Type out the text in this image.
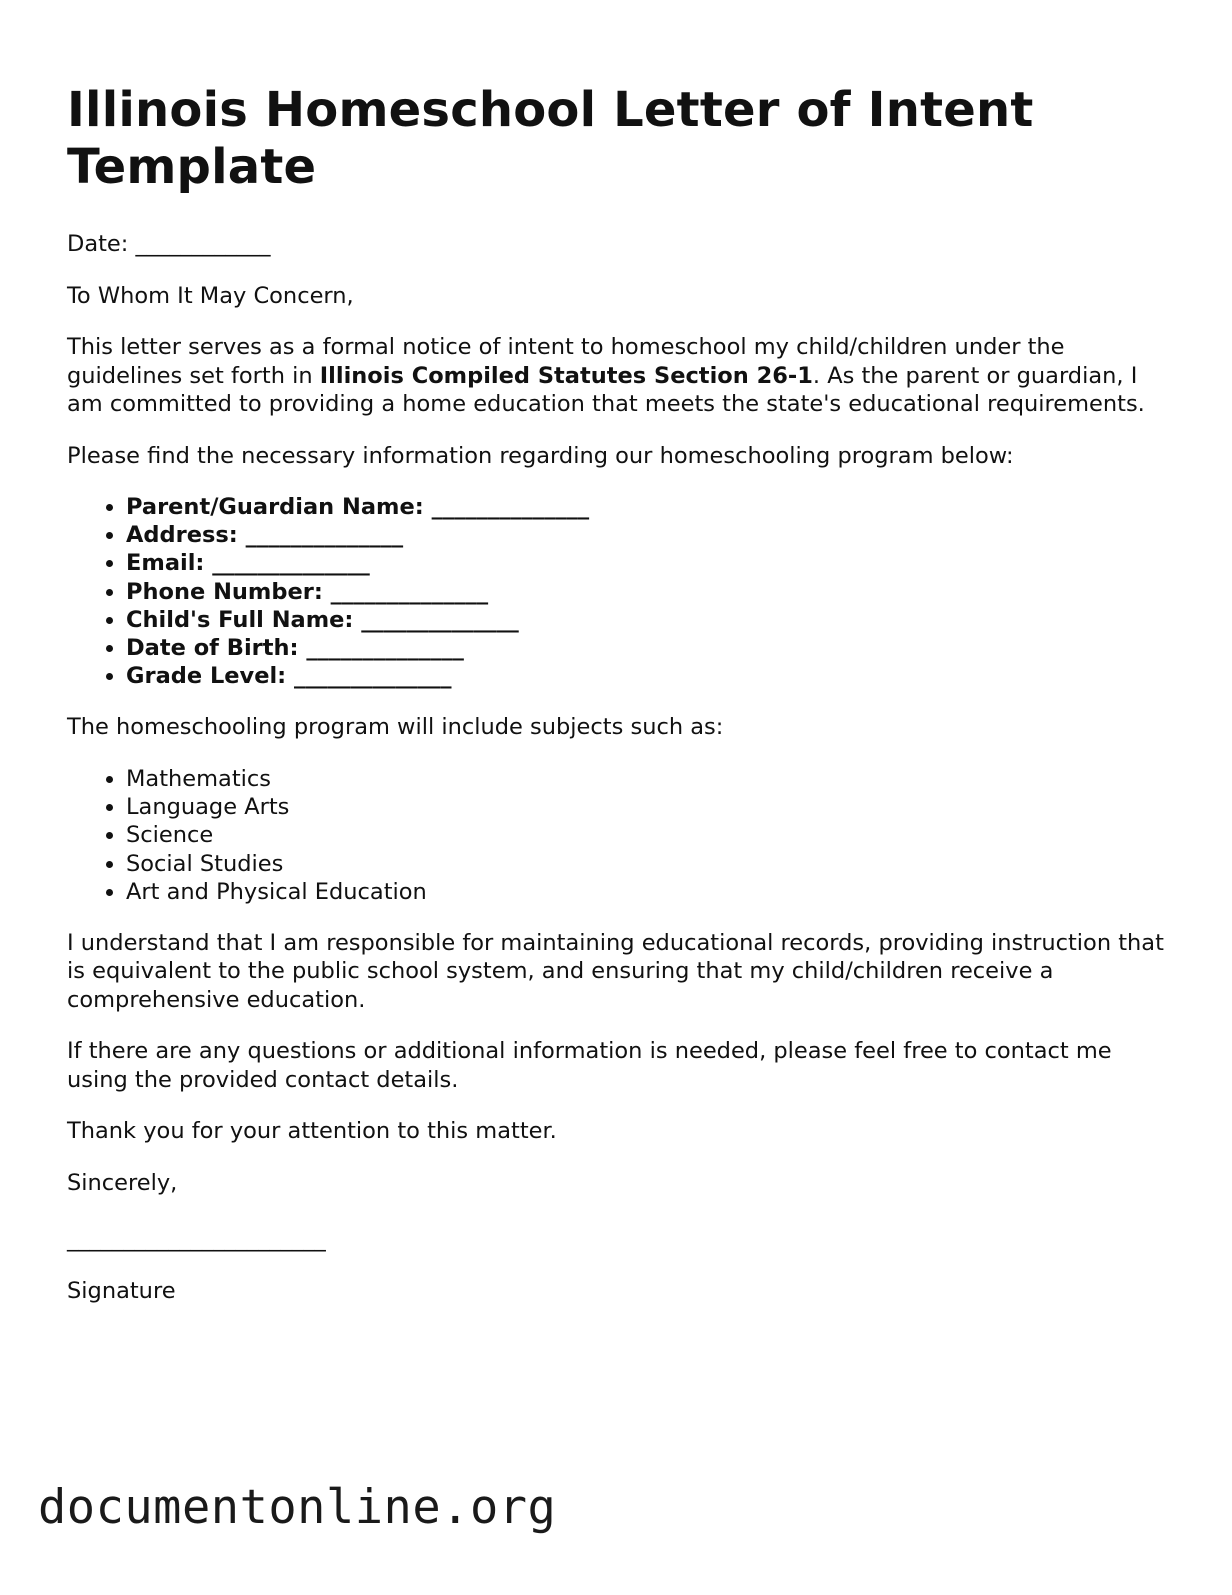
Illinois Homeschool Letter of Intent Template

Date: ____________

To Whom It May Concern,

This letter serves as a formal notice of intent to homeschool my child/children under the guidelines set forth in Illinois Compiled Statutes Section 26-1. As the parent or guardian, I am committed to providing a home education that meets the state's educational requirements.

Please find the necessary information regarding our homeschooling program below:

• Parent/Guardian Name: ______________
• Address: ______________
• Email: ______________
• Phone Number: ______________
• Child's Full Name: ______________
• Date of Birth: ______________
• Grade Level: ______________

The homeschooling program will include subjects such as:

• Mathematics
• Language Arts
• Science
• Social Studies
• Art and Physical Education

I understand that I am responsible for maintaining educational records, providing instruction that is equivalent to the public school system, and ensuring that my child/children receive a comprehensive education.

If there are any questions or additional information is needed, please feel free to contact me using the provided contact details.

Thank you for your attention to this matter.

Sincerely,

_______________________

Signature

documentonline.org
